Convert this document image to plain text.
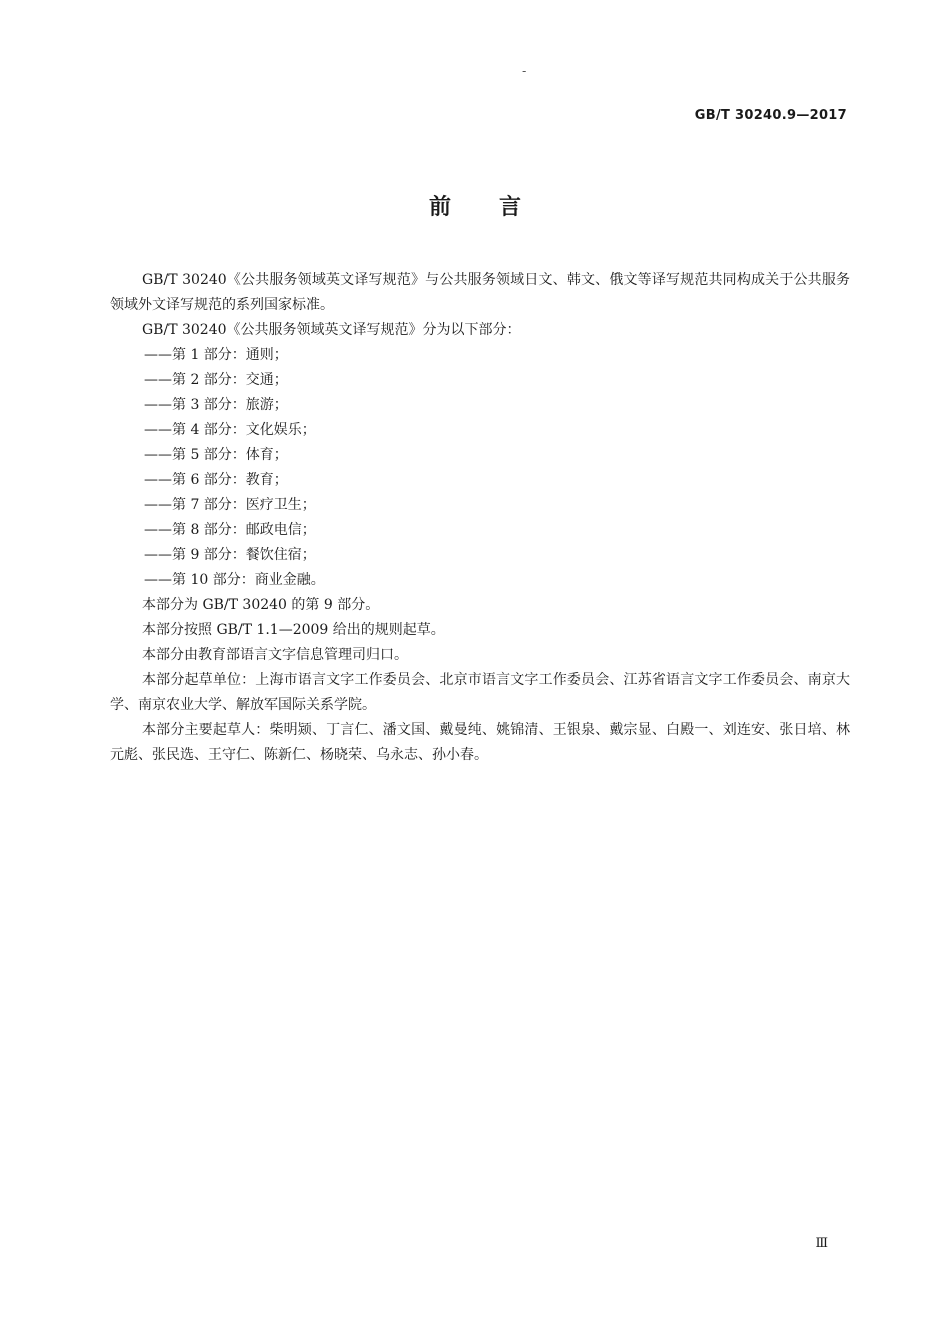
-
GB/T 30240.9—2017
前言

GB/T 30240《公共服务领域英文译写规范》与公共服务领域日文、韩文、俄文等译写规范共同构成关于公共服务领域外文译写规范的系列国家标准。

GB/T 30240《公共服务领域英文译写规范》分为以下部分：

——第 1 部分：通则；

——第 2 部分：交通；

——第 3 部分：旅游；

——第 4 部分：文化娱乐；

——第 5 部分：体育；

——第 6 部分：教育；

——第 7 部分：医疗卫生；

——第 8 部分：邮政电信；

——第 9 部分：餐饮住宿；

——第 10 部分：商业金融。

本部分为 GB/T 30240 的第 9 部分。

本部分按照 GB/T 1.1—2009 给出的规则起草。

本部分由教育部语言文字信息管理司归口。

本部分起草单位：上海市语言文字工作委员会、北京市语言文字工作委员会、江苏省语言文字工作委员会、南京大学、南京农业大学、解放军国际关系学院。

本部分主要起草人：柴明颎、丁言仁、潘文国、戴曼纯、姚锦清、王银泉、戴宗显、白殿一、刘连安、张日培、林元彪、张民选、王守仁、陈新仁、杨晓荣、乌永志、孙小春。

Ⅲ
